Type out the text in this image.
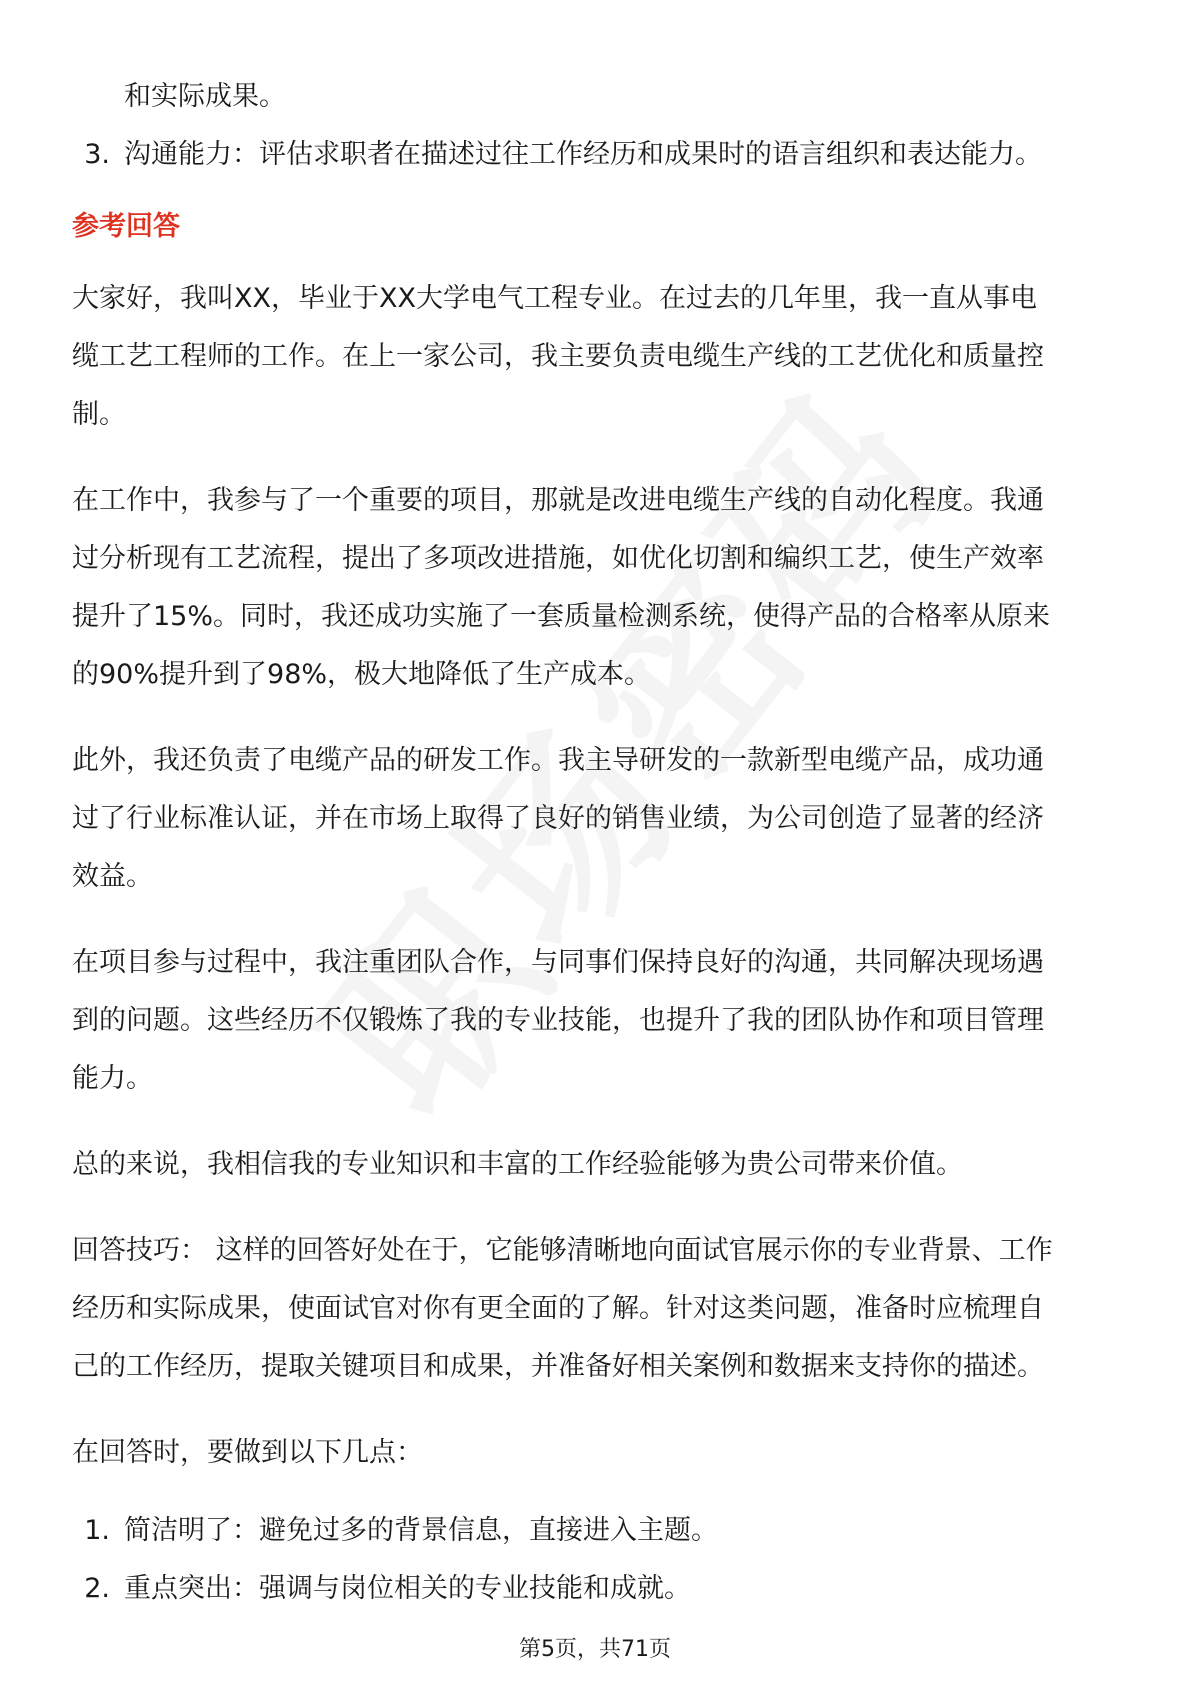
和实际成果。
3. 沟通能力：评估求职者在描述过往工作经历和成果时的语言组织和表达能力。
参考回答
大家好，我叫XX，毕业于XX大学电气工程专业。在过去的几年里，我一直从事电
缆工艺工程师的工作。在上一家公司，我主要负责电缆生产线的工艺优化和质量控
制。
在工作中，我参与了一个重要的项目，那就是改进电缆生产线的自动化程度。我通
过分析现有工艺流程，提出了多项改进措施，如优化切割和编织工艺，使生产效率
提升了15%。同时，我还成功实施了一套质量检测系统，使得产品的合格率从原来
的90%提升到了98%，极大地降低了生产成本。
此外，我还负责了电缆产品的研发工作。我主导研发的一款新型电缆产品，成功通
过了行业标准认证，并在市场上取得了良好的销售业绩，为公司创造了显著的经济
效益。
在项目参与过程中，我注重团队合作，与同事们保持良好的沟通，共同解决现场遇
到的问题。这些经历不仅锻炼了我的专业技能，也提升了我的团队协作和项目管理
能力。
总的来说，我相信我的专业知识和丰富的工作经验能够为贵公司带来价值。
回答技巧： 这样的回答好处在于，它能够清晰地向面试官展示你的专业背景、工作
经历和实际成果，使面试官对你有更全面的了解。针对这类问题，准备时应梳理自
己的工作经历，提取关键项目和成果，并准备好相关案例和数据来支持你的描述。
在回答时，要做到以下几点：
1. 简洁明了：避免过多的背景信息，直接进入主题。
2. 重点突出：强调与岗位相关的专业技能和成就。
第5页，共71页
